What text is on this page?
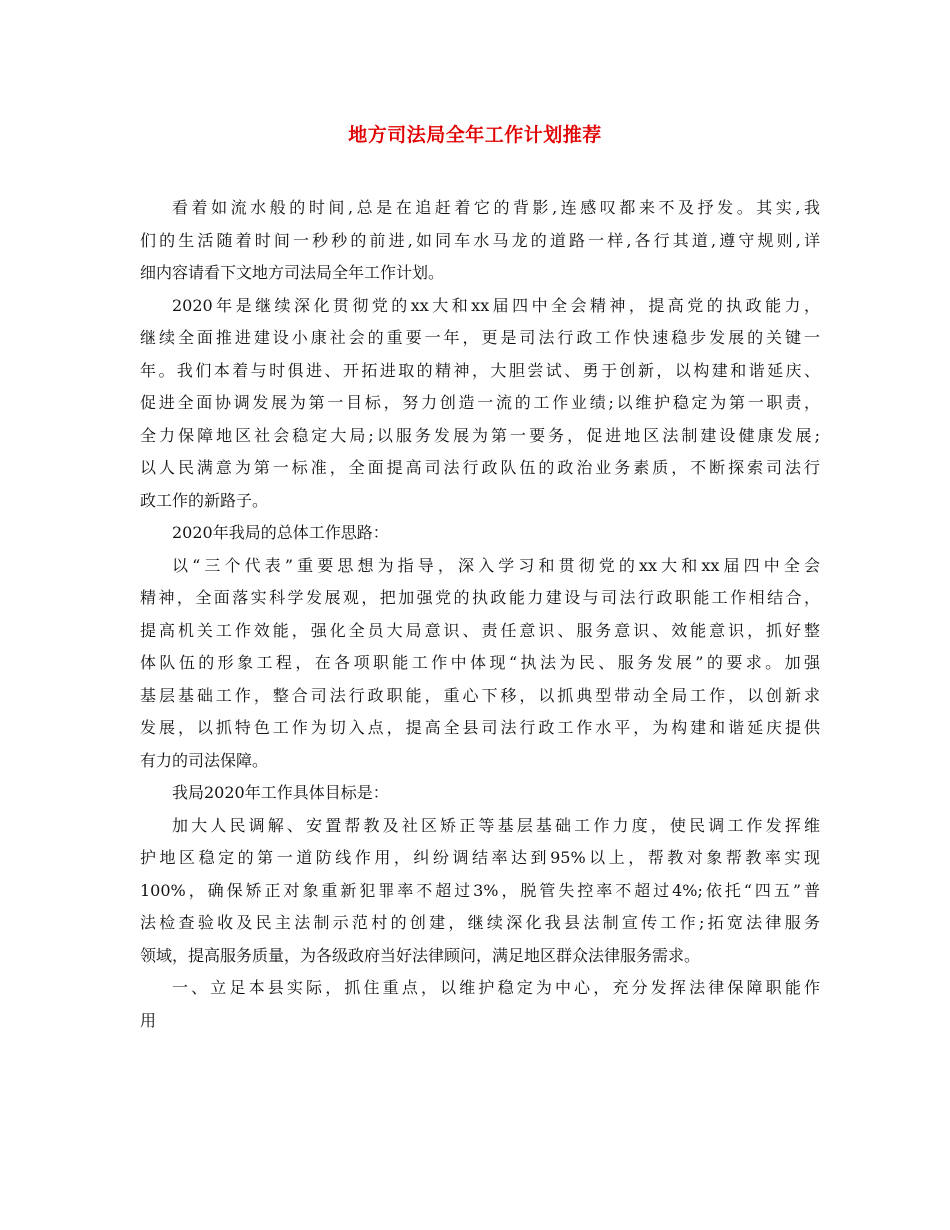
地方司法局全年工作计划推荐
看着如流水般的时间,总是在追赶着它的背影,连感叹都来不及抒发。其实,我
们的生活随着时间一秒秒的前进,如同车水马龙的道路一样,各行其道,遵守规则,详
细内容请看下文地方司法局全年工作计划。
2020年是继续深化贯彻党的xx大和xx届四中全会精神，提高党的执政能力，
继续全面推进建设小康社会的重要一年，更是司法行政工作快速稳步发展的关键一
年。我们本着与时俱进、开拓进取的精神，大胆尝试、勇于创新，以构建和谐延庆、
促进全面协调发展为第一目标，努力创造一流的工作业绩;以维护稳定为第一职责，
全力保障地区社会稳定大局;以服务发展为第一要务，促进地区法制建设健康发展;
以人民满意为第一标准，全面提高司法行政队伍的政治业务素质，不断探索司法行
政工作的新路子。
2020年我局的总体工作思路：
以“三个代表”重要思想为指导，深入学习和贯彻党的xx大和xx届四中全会
精神，全面落实科学发展观，把加强党的执政能力建设与司法行政职能工作相结合，
提高机关工作效能，强化全员大局意识、责任意识、服务意识、效能意识，抓好整
体队伍的形象工程，在各项职能工作中体现“执法为民、服务发展”的要求。加强
基层基础工作，整合司法行政职能，重心下移，以抓典型带动全局工作，以创新求
发展，以抓特色工作为切入点，提高全县司法行政工作水平，为构建和谐延庆提供
有力的司法保障。
我局2020年工作具体目标是：
加大人民调解、安置帮教及社区矫正等基层基础工作力度，使民调工作发挥维
护地区稳定的第一道防线作用，纠纷调结率达到95%以上，帮教对象帮教率实现
100%，确保矫正对象重新犯罪率不超过3%，脱管失控率不超过4%;依托“四五”普
法检查验收及民主法制示范村的创建，继续深化我县法制宣传工作;拓宽法律服务
领域，提高服务质量，为各级政府当好法律顾问，满足地区群众法律服务需求。
一、立足本县实际，抓住重点，以维护稳定为中心，充分发挥法律保障职能作
用
